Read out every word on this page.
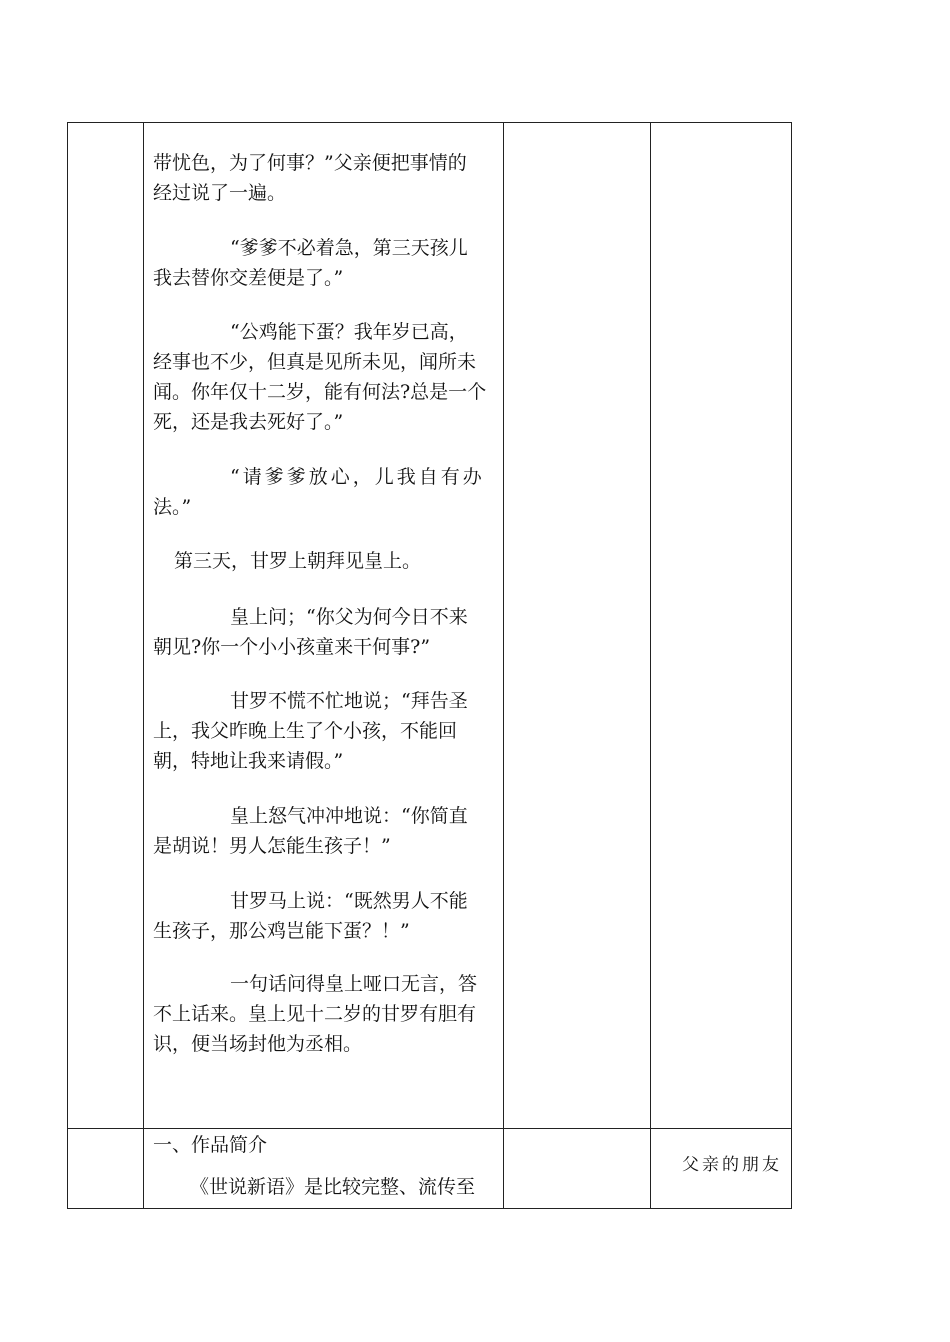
带忧色，为了何事？”父亲便把事情的
经过说了一遍。
“爹爹不必着急，第三天孩儿
我去替你交差便是了。”
“公鸡能下蛋？我年岁已高，
经事也不少，但真是见所未见，闻所未
闻。你年仅十二岁，能有何法?总是一个
死，还是我去死好了。”
“请爹爹放心，儿我自有办
法。”
第三天，甘罗上朝拜见皇上。
皇上问；“你父为何今日不来
朝见?你一个小小孩童来干何事?”
甘罗不慌不忙地说；“拜告圣
上，我父昨晚上生了个小孩，不能回
朝，特地让我来请假。”
皇上怒气冲冲地说：“你简直
是胡说！男人怎能生孩子！”
甘罗马上说：“既然男人不能
生孩子，那公鸡岂能下蛋？！”
一句话问得皇上哑口无言，答
不上话来。皇上见十二岁的甘罗有胆有
识，便当场封他为丞相。
一、作品简介
《世说新语》是比较完整、流传至
父亲的朋友
